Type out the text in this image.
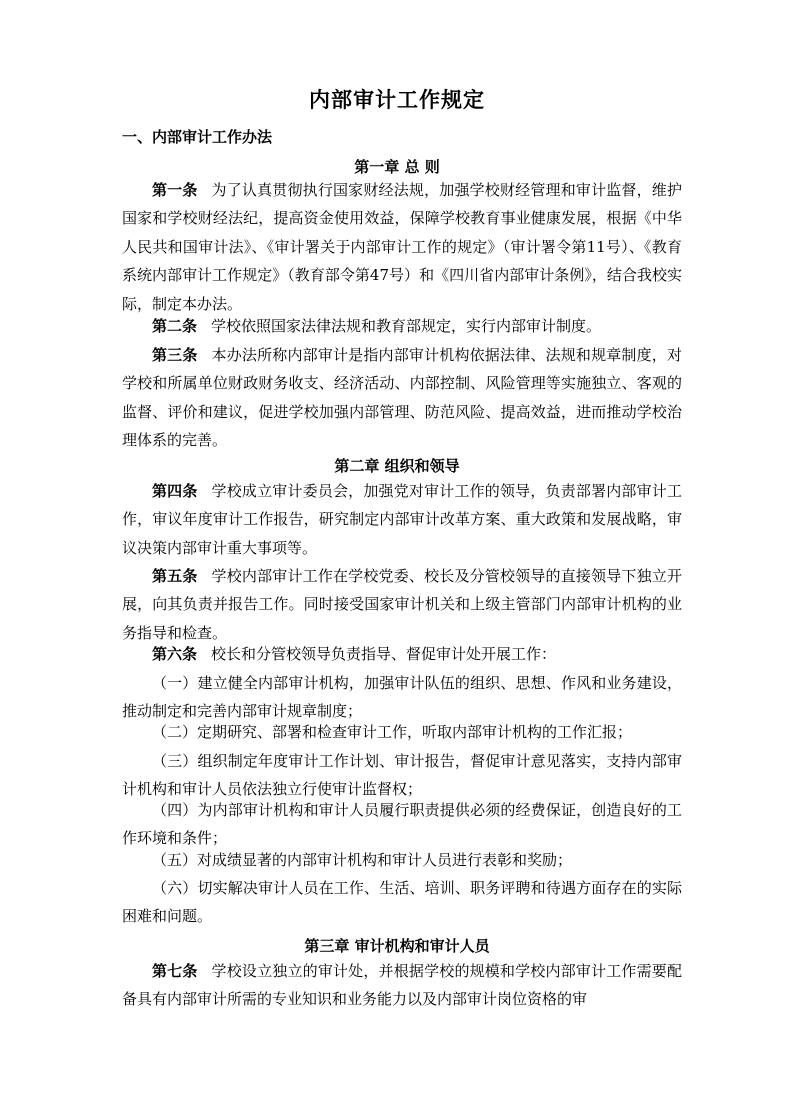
内部审计工作规定
一、内部审计工作办法
第一章 总 则
第一条 为了认真贯彻执行国家财经法规，加强学校财经管理和审计监督，维护国家和学校财经法纪，提高资金使用效益，保障学校教育事业健康发展，根据《中华人民共和国审计法》、《审计署关于内部审计工作的规定》（审计署令第11号）、《教育系统内部审计工作规定》（教育部令第47号）和《四川省内部审计条例》，结合我校实际，制定本办法。
第二条 学校依照国家法律法规和教育部规定，实行内部审计制度。
第三条 本办法所称内部审计是指内部审计机构依据法律、法规和规章制度，对学校和所属单位财政财务收支、经济活动、内部控制、风险管理等实施独立、客观的监督、评价和建议，促进学校加强内部管理、防范风险、提高效益，进而推动学校治理体系的完善。
第二章 组织和领导
第四条 学校成立审计委员会，加强党对审计工作的领导，负责部署内部审计工作，审议年度审计工作报告，研究制定内部审计改革方案、重大政策和发展战略，审议决策内部审计重大事项等。
第五条 学校内部审计工作在学校党委、校长及分管校领导的直接领导下独立开展，向其负责并报告工作。同时接受国家审计机关和上级主管部门内部审计机构的业务指导和检查。
第六条 校长和分管校领导负责指导、督促审计处开展工作：
（一）建立健全内部审计机构，加强审计队伍的组织、思想、作风和业务建设，推动制定和完善内部审计规章制度；
（二）定期研究、部署和检查审计工作，听取内部审计机构的工作汇报；
（三）组织制定年度审计工作计划、审计报告，督促审计意见落实，支持内部审计机构和审计人员依法独立行使审计监督权；
（四）为内部审计机构和审计人员履行职责提供必须的经费保证，创造良好的工作环境和条件；
（五）对成绩显著的内部审计机构和审计人员进行表彰和奖励；
（六）切实解决审计人员在工作、生活、培训、职务评聘和待遇方面存在的实际困难和问题。
第三章 审计机构和审计人员
第七条 学校设立独立的审计处，并根据学校的规模和学校内部审计工作需要配备具有内部审计所需的专业知识和业务能力以及内部审计岗位资格的审
